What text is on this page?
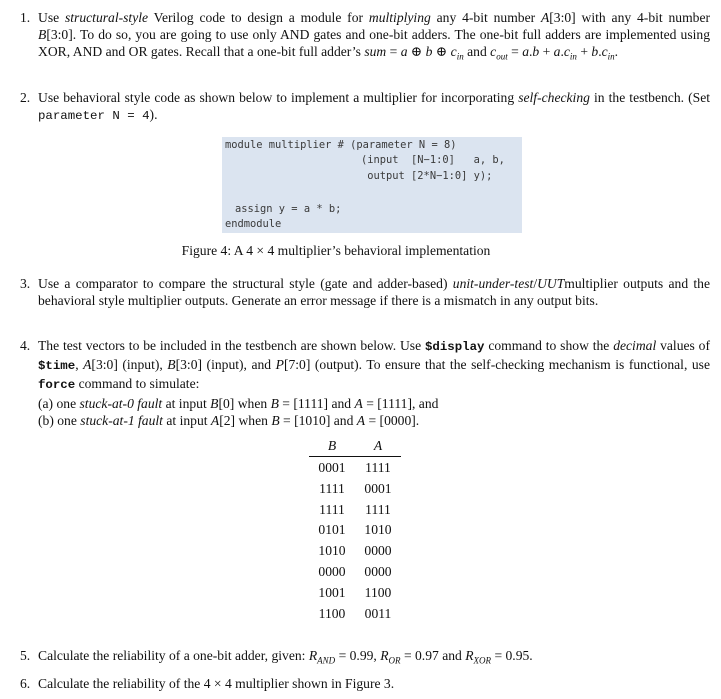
1. Use structural-style Verilog code to design a module for multiplying any 4-bit number A[3:0] with any 4-bit number B[3:0]. To do so, you are going to use only AND gates and one-bit adders. The one-bit full adders are implemented using XOR, AND and OR gates. Recall that a one-bit full adder’s sum = a ⊕ b ⊕ $c_{in}$ and $c_{out} = a.b + a.c_{in} + b.c_{in}$.
2. Use behavioral style code as shown below to implement a multiplier for incorporating self-checking in the testbench. (Set parameter N = 4).
module multiplier # (parameter N = 8)
(input  [N−1:0]   a, b,
output [2*N−1:0] y);
assign y = a * b;
endmodule
Figure 4: A 4 × 4 multiplier’s behavioral implementation
3. Use a comparator to compare the structural style (gate and adder-based) unit-under-test/UUTmultiplier outputs and the behavioral style multiplier outputs. Generate an error message if there is a mismatch in any output bits.
4. The test vectors to be included in the testbench are shown below. Use $display command to show the decimal values of $time, A[3:0] (input), B[3:0] (input), and P[7:0] (output). To ensure that the self-checking mechanism is functional, use force command to simulate:
(a) one stuck-at-0 fault at input B[0] when B = [1111] and A = [1111], and
(b) one stuck-at-1 fault at input A[2] when B = [1010] and A = [0000].
B	A
0001	1111
1111	0001
1111	1111
0101	1010
1010	0000
0000	0000
1001	1100
1100	0011
5. Calculate the reliability of a one-bit adder, given: $R_{AND} = 0.99$, $R_{OR} = 0.97$ and $R_{XOR} = 0.95$.
6. Calculate the reliability of the 4 × 4 multiplier shown in Figure 3.
